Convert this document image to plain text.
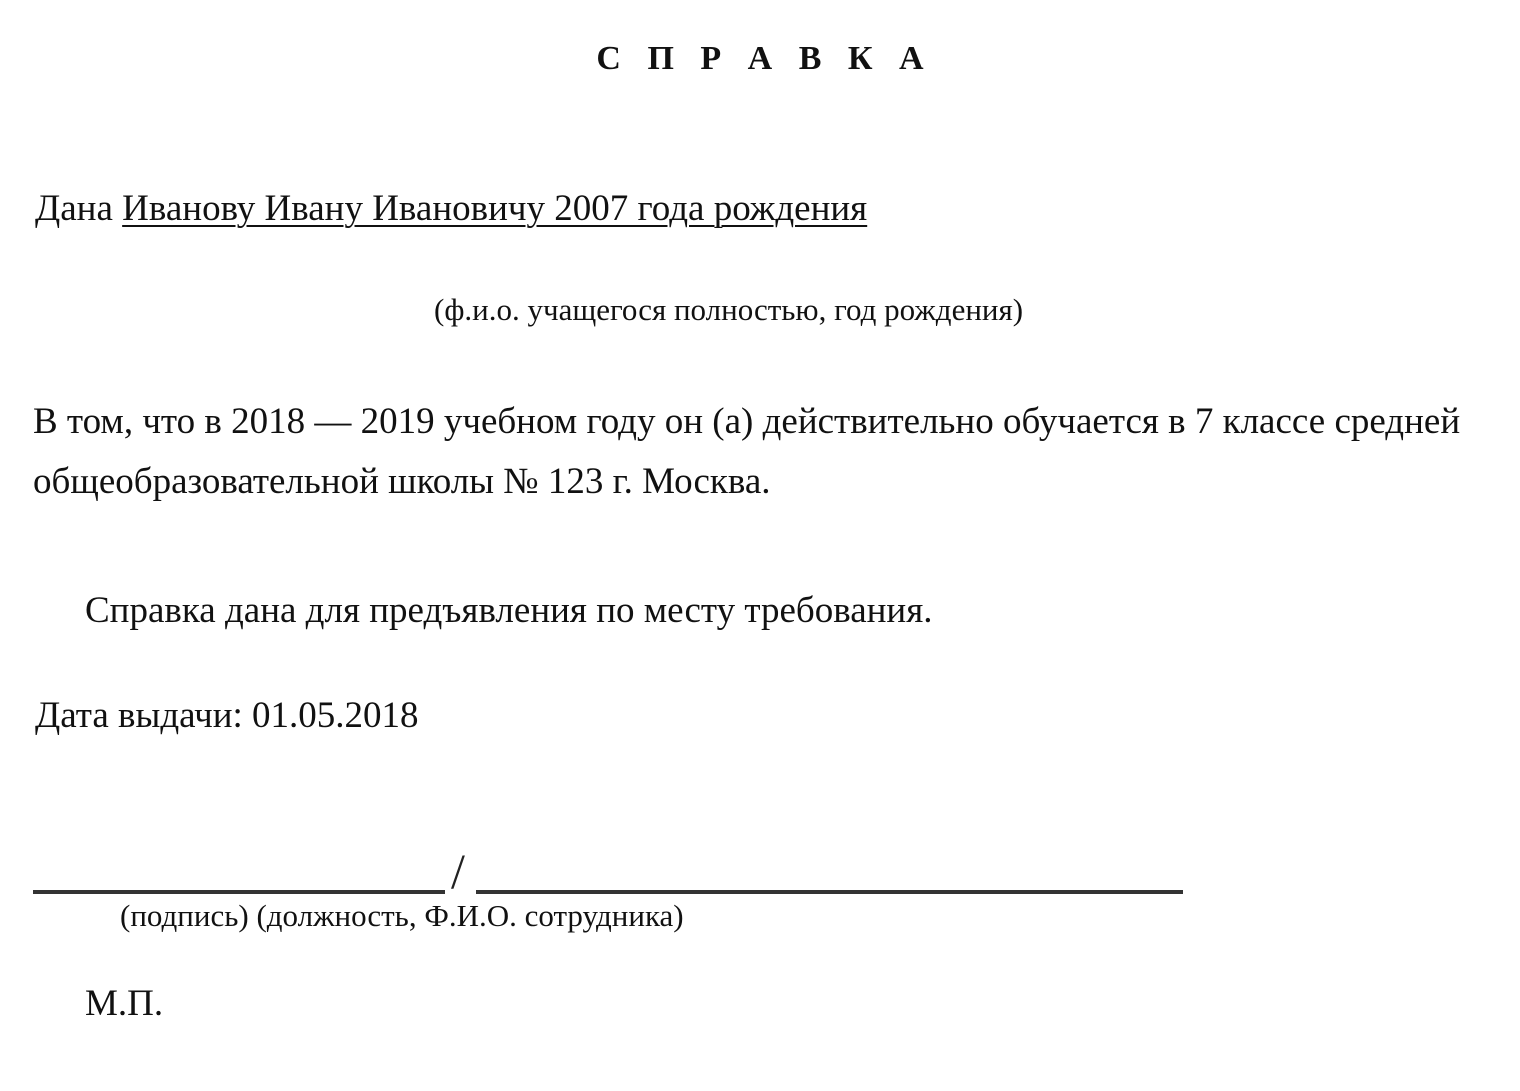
С П Р А В К А
Дана Иванову Ивану Ивановичу 2007 года рождения
(ф.и.о. учащегося полностью, год рождения)
В том, что в 2018 — 2019 учебном году он (а) действительно обучается в 7 классе средней общеобразовательной школы № 123 г. Москва.
Справка дана для предъявления по месту требования.
Дата выдачи: 01.05.2018
/
(подпись) (должность, Ф.И.О. сотрудника)
М.П.
